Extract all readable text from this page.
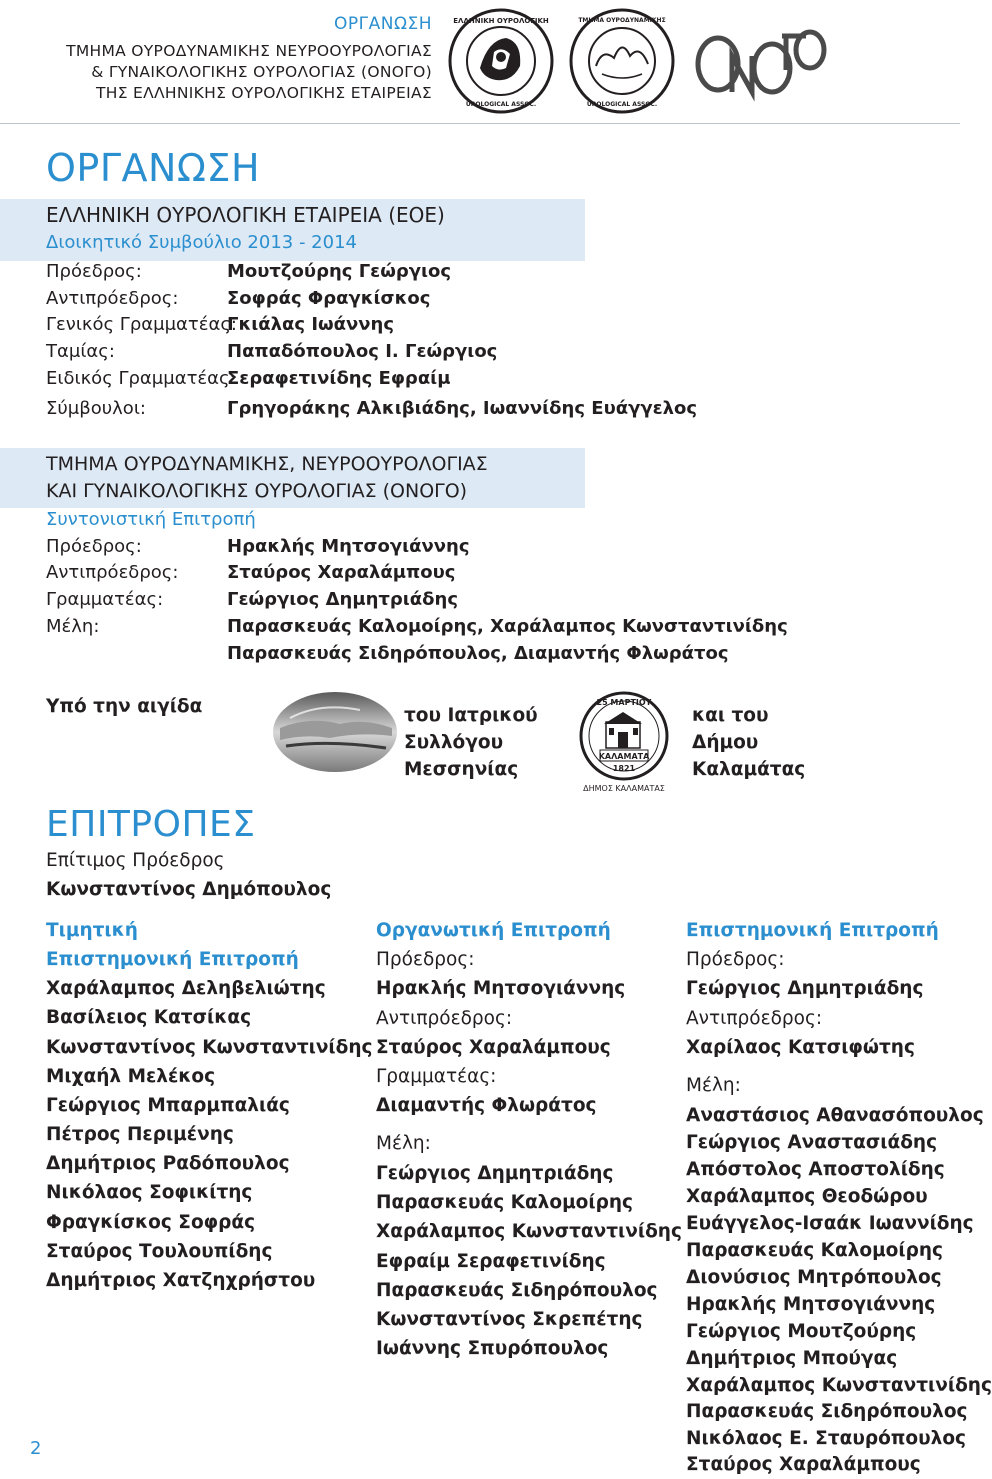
ΟΡΓΑΝΩΣΗ
ΤΜΗΜΑ ΟΥΡΟΔΥΝΑΜΙΚΗΣ ΝΕΥΡΟΟΥΡΟΛΟΓΙΑΣ
& ΓΥΝΑΙΚΟΛΟΓΙΚΗΣ ΟΥΡΟΛΟΓΙΑΣ (ΟΝΟΓΟ)
ΤΗΣ ΕΛΛΗΝΙΚΗΣ ΟΥΡΟΛΟΓΙΚΗΣ ΕΤΑΙΡΕΙΑΣ
ΕΛΛΗΝΙΚΗ ΟΥΡΟΛΟΓΙΚΗ
UROLOGICAL ASSOC.
ΤΜΗΜΑ ΟΥΡΟΔΥΝΑΜΙΚΗΣ
UROLOGICAL ASSOC.
ΟΡΓΑΝΩΣΗ
ΕΛΛΗΝΙΚΗ ΟΥΡΟΛΟΓΙΚΗ ΕΤΑΙΡΕΙΑ (ΕΟΕ)
Διοικητικό Συμβούλιο 2013 - 2014
Πρόεδρος:	Μουτζούρης Γεώργιος
Αντιπρόεδρος:	Σοφράς Φραγκίσκος
Γενικός Γραμματέας:
Γκιάλας Ιωάννης
Ταμίας:	Παπαδόπουλος Ι. Γεώργιος
Ειδικός Γραμματέας:
Σεραφετινίδης Εφραίμ
Σύμβουλοι:	Γρηγοράκης Αλκιβιάδης, Ιωαννίδης Ευάγγελος
ΤΜΗΜΑ ΟΥΡΟΔΥΝΑΜΙΚΗΣ, ΝΕΥΡΟΟΥΡΟΛΟΓΙΑΣ
ΚΑΙ ΓΥΝΑΙΚΟΛΟΓΙΚΗΣ ΟΥΡΟΛΟΓΙΑΣ (ΟΝΟΓΟ)
Συντονιστική Επιτροπή
Πρόεδρος:	Ηρακλής Μητσογιάννης
Αντιπρόεδρος:	Σταύρος Χαραλάμπους
Γραμματέας:	Γεώργιος Δημητριάδης
Μέλη:	Παρασκευάς Καλομοίρης, Χαράλαμπος Κωνσταντινίδης
Παρασκευάς Σιδηρόπουλος, Διαμαντής Φλωράτος
Υπό την αιγίδα	του Ιατρικού
Συλλόγου
Μεσσηνίας
25 ΜΑΡΤΙΟΥ
ΚΑΛΑΜΑΤΑ
1821
ΔΗΜΟΣ ΚΑΛΑΜΑΤΑΣ
και του
Δήμου
Καλαμάτας
ΕΠΙΤΡΟΠΕΣ
Επίτιμος Πρόεδρος
Κωνσταντίνος Δημόπουλος
Τιμητική
Επιστημονική Επιτροπή
Χαράλαμπος Δεληβελιώτης
Βασίλειος Κατσίκας
Κωνσταντίνος Κωνσταντινίδης
Μιχαήλ Μελέκος
Γεώργιος Μπαρμπαλιάς
Πέτρος Περιμένης
Δημήτριος Ραδόπουλος
Νικόλαος Σοφικίτης
Φραγκίσκος Σοφράς
Σταύρος Τουλουπίδης
Δημήτριος Χατζηχρήστου
Οργανωτική Επιτροπή
Πρόεδρος:
Ηρακλής Μητσογιάννης
Αντιπρόεδρος:
Σταύρος Χαραλάμπους
Γραμματέας:
Διαμαντής Φλωράτος
Μέλη:
Γεώργιος Δημητριάδης
Παρασκευάς Καλομοίρης
Χαράλαμπος Κωνσταντινίδης
Εφραίμ Σεραφετινίδης
Παρασκευάς Σιδηρόπουλος
Κωνσταντίνος Σκρεπέτης
Ιωάννης Σπυρόπουλος
Επιστημονική Επιτροπή
Πρόεδρος:
Γεώργιος Δημητριάδης
Αντιπρόεδρος:
Χαρίλαος Κατσιφώτης
Μέλη:
Αναστάσιος Αθανασόπουλος
Γεώργιος Αναστασιάδης
Απόστολος Αποστολίδης
Χαράλαμπος Θεοδώρου
Ευάγγελος-Ισαάκ Ιωαννίδης
Παρασκευάς Καλομοίρης
Διονύσιος Μητρόπουλος
Ηρακλής Μητσογιάννης
Γεώργιος Μουτζούρης
Δημήτριος Μπούγας
Χαράλαμπος Κωνσταντινίδης
Παρασκευάς Σιδηρόπουλος
Νικόλαος Ε. Σταυρόπουλος
Σταύρος Χαραλάμπους
2
